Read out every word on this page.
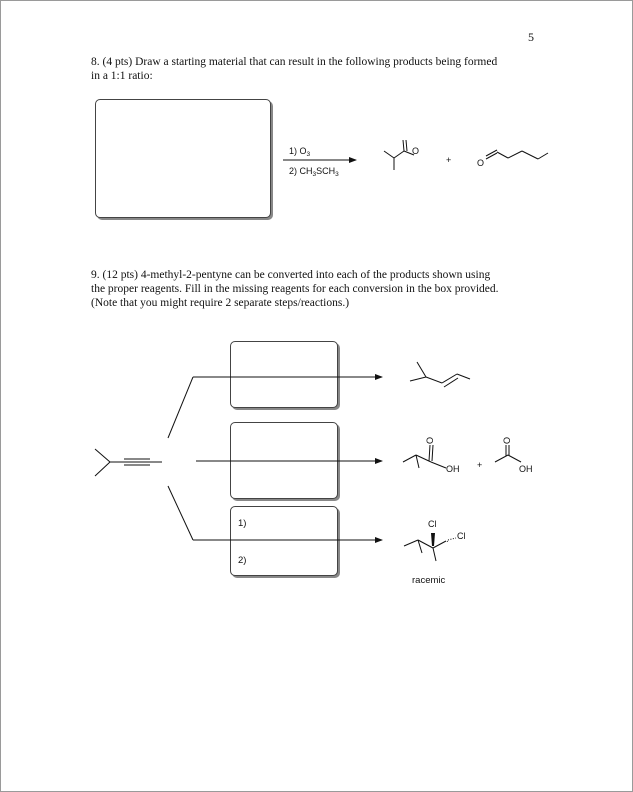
5

8. (4 pts) Draw a starting material that can result in the following products being formed
in a 1:1 ratio:

9. (12 pts) 4-methyl-2-pentyne can be converted into each of the products shown using
the proper reagents. Fill in the missing reagents for each conversion in the box provided.
(Note that you might require 2 separate steps/reactions.)

1) $O_3$
2) $CH_3SCH_3$
O
+	O
O
OH +
O
OH
Cl
Cl
1)
2)
racemic
